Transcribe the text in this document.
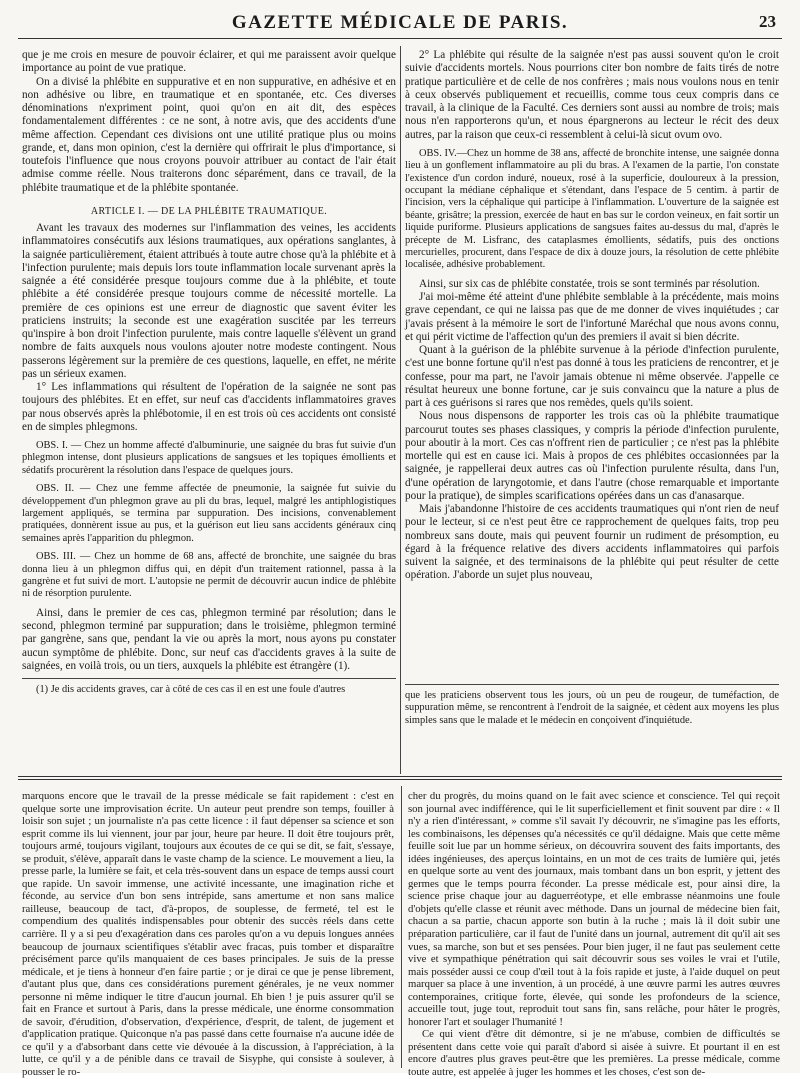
GAZETTE MÉDICALE DE PARIS.	23

que je me crois en mesure de pouvoir éclairer, et qui me paraissent avoir quelque importance au point de vue pratique.

On a divisé la phlébite en suppurative et en non suppurative, en adhésive et en non adhésive ou libre, en traumatique et en spontanée, etc. Ces diverses dénominations n'expriment point, quoi qu'on en ait dit, des espèces fondamentalement différentes : ce ne sont, à notre avis, que des accidents d'une même affection. Cependant ces divisions ont une utilité pratique plus ou moins grande, et, dans mon opinion, c'est la dernière qui offrirait le plus d'importance, si toutefois l'influence que nous croyons pouvoir attribuer au contact de l'air était admise comme réelle. Nous traiterons donc séparément, dans ce travail, de la phlébite traumatique et de la phlébite spontanée.

ARTICLE I. — DE LA PHLÉBITE TRAUMATIQUE.

Avant les travaux des modernes sur l'inflammation des veines, les accidents inflammatoires consécutifs aux lésions traumatiques, aux opérations sanglantes, à la saignée particulièrement, étaient attribués à toute autre chose qu'à la phlébite et à l'infection purulente; mais depuis lors toute inflammation locale survenant après la saignée a été considérée presque toujours comme due à la phlébite, et toute phlébite a été considérée presque toujours comme de nécessité mortelle. La première de ces opinions est une erreur de diagnostic que savent éviter les praticiens instruits; la seconde est une exagération suscitée par les terreurs qu'inspire à bon droit l'infection purulente, mais contre laquelle s'élèvent un grand nombre de faits auxquels nous voulons ajouter notre modeste contingent. Nous passerons légèrement sur la première de ces questions, laquelle, en effet, ne mérite pas un sérieux examen.

1° Les inflammations qui résultent de l'opération de la saignée ne sont pas toujours des phlébites. Et en effet, sur neuf cas d'accidents inflammatoires graves par nous observés après la phlébotomie, il en est trois où ces accidents ont consisté en de simples phlegmons.

OBS. I. — Chez un homme affecté d'albuminurie, une saignée du bras fut suivie d'un phlegmon intense, dont plusieurs applications de sangsues et les topiques émollients et sédatifs procurèrent la résolution dans l'espace de quelques jours.

OBS. II. — Chez une femme affectée de pneumonie, la saignée fut suivie du développement d'un phlegmon grave au pli du bras, lequel, malgré les antiphlogistiques largement appliqués, se termina par suppuration. Des incisions, convenablement pratiquées, donnèrent issue au pus, et la guérison eut lieu sans accidents généraux cinq semaines après l'apparition du phlegmon.

OBS. III. — Chez un homme de 68 ans, affecté de bronchite, une saignée du bras donna lieu à un phlegmon diffus qui, en dépit d'un traitement rationnel, passa à la gangrène et fut suivi de mort. L'autopsie ne permit de découvrir aucun indice de phlébite ni de résorption purulente.

Ainsi, dans le premier de ces cas, phlegmon terminé par résolution; dans le second, phlegmon terminé par suppuration; dans le troisième, phlegmon terminé par gangrène, sans que, pendant la vie ou après la mort, nous ayons pu constater aucun symptôme de phlébite. Donc, sur neuf cas d'accidents graves à la suite de saignées, en voilà trois, ou un tiers, auxquels la phlébite est étrangère (1).

(1) Je dis accidents graves, car à côté de ces cas il en est une foule d'autres

2° La phlébite qui résulte de la saignée n'est pas aussi souvent qu'on le croit suivie d'accidents mortels. Nous pourrions citer bon nombre de faits tirés de notre pratique particulière et de celle de nos confrères ; mais nous voulons nous en tenir à ceux observés publiquement et recueillis, comme tous ceux compris dans ce travail, à la clinique de la Faculté. Ces derniers sont aussi au nombre de trois; mais nous n'en rapporterons qu'un, et nous épargnerons au lecteur le récit des deux autres, par la raison que ceux-ci ressemblent à celui-là sicut ovum ovo.

OBS. IV.—Chez un homme de 38 ans, affecté de bronchite intense, une saignée donna lieu à un gonflement inflammatoire au pli du bras. A l'examen de la partie, l'on constate l'existence d'un cordon induré, noueux, rosé à la superficie, douloureux à la pression, occupant la médiane céphalique et s'étendant, dans l'espace de 5 centim. à partir de l'incision, vers la céphalique qui participe à l'inflammation. L'ouverture de la saignée est béante, grisâtre; la pression, exercée de haut en bas sur le cordon veineux, en fait sortir un liquide puriforme. Plusieurs applications de sangsues faites au-dessus du mal, d'après le précepte de M. Lisfranc, des cataplasmes émollients, sédatifs, puis des onctions mercurielles, procurent, dans l'espace de dix à douze jours, la résolution de cette phlébite localisée, adhésive probablement.

Ainsi, sur six cas de phlébite constatée, trois se sont terminés par résolution.

J'ai moi-même été atteint d'une phlébite semblable à la précédente, mais moins grave cependant, ce qui ne laissa pas que de me donner de vives inquiétudes ; car j'avais présent à la mémoire le sort de l'infortuné Maréchal que nous avons connu, et qui périt victime de l'affection qu'un des premiers il avait si bien décrite.

Quant à la guérison de la phlébite survenue à la période d'infection purulente, c'est une bonne fortune qu'il n'est pas donné à tous les praticiens de rencontrer, et je confesse, pour ma part, ne l'avoir jamais obtenue ni même observée. J'appelle ce résultat heureux une bonne fortune, car je suis convaincu que la nature a plus de part à ces guérisons si rares que nos remèdes, quels qu'ils soient.

Nous nous dispensons de rapporter les trois cas où la phlébite traumatique parcourut toutes ses phases classiques, y compris la période d'infection purulente, pour aboutir à la mort. Ces cas n'offrent rien de particulier ; ce n'est pas la phlébite mortelle qui est en cause ici. Mais à propos de ces phlébites occasionnées par la saignée, je rappellerai deux autres cas où l'infection purulente résulta, dans l'un, d'une opération de laryngotomie, et dans l'autre (chose remarquable et importante pour la pratique), de simples scarifications opérées dans un cas d'anasarque.

Mais j'abandonne l'histoire de ces accidents traumatiques qui n'ont rien de neuf pour le lecteur, si ce n'est peut être ce rapprochement de quelques faits, trop peu nombreux sans doute, mais qui peuvent fournir un rudiment de présomption, eu égard à la fréquence relative des divers accidents inflammatoires qui parfois suivent la saignée, et des terminaisons de la phlébite qui peut résulter de cette opération. J'aborde un sujet plus nouveau,

que les praticiens observent tous les jours, où un peu de rougeur, de tuméfaction, de suppuration même, se rencontrent à l'endroit de la saignée, et cèdent aux moyens les plus simples sans que le malade et le médecin en conçoivent d'inquiétude.

marquons encore que le travail de la presse médicale se fait rapidement : c'est en quelque sorte une improvisation écrite. Un auteur peut prendre son temps, fouiller à loisir son sujet ; un journaliste n'a pas cette licence : il faut dépenser sa science et son esprit comme ils lui viennent, jour par jour, heure par heure. Il doit être toujours prêt, toujours armé, toujours vigilant, toujours aux écoutes de ce qui se dit, se fait, s'essaye, se produit, s'élève, apparaît dans le vaste champ de la science. Le mouvement a lieu, la presse parle, la lumière se fait, et cela très-souvent dans un espace de temps aussi court que rapide. Un savoir immense, une activité incessante, une imagination riche et féconde, au service d'un bon sens intrépide, sans amertume et non sans malice railleuse, beaucoup de tact, d'à-propos, de souplesse, de fermeté, tel est le compendium des qualités indispensables pour obtenir des succès réels dans cette carrière. Il y a si peu d'exagération dans ces paroles qu'on a vu depuis longues années beaucoup de journaux scientifiques s'établir avec fracas, puis tomber et disparaître précisément parce qu'ils manquaient de ces bases principales. Je suis de la presse médicale, et je tiens à honneur d'en faire partie ; or je dirai ce que je pense librement, d'autant plus que, dans ces considérations purement générales, je ne veux nommer personne ni même indiquer le titre d'aucun journal. Eh bien ! je puis assurer qu'il se fait en France et surtout à Paris, dans la presse médicale, une énorme consommation de savoir, d'érudition, d'observation, d'expérience, d'esprit, de talent, de jugement et d'application pratique. Quiconque n'a pas passé dans cette fournaise n'a aucune idée de ce qu'il y a d'absorbant dans cette vie dévouée à la discussion, à l'appréciation, à la lutte, ce qu'il y a de pénible dans ce travail de Sisyphe, qui consiste à soulever, à pousser le ro-

cher du progrès, du moins quand on le fait avec science et conscience. Tel qui reçoit son journal avec indifférence, qui le lit superficiellement et finit souvent par dire : « Il n'y a rien d'intéressant, » comme s'il savait l'y découvrir, ne s'imagine pas les efforts, les combinaisons, les dépenses qu'a nécessités ce qu'il dédaigne. Mais que cette même feuille soit lue par un homme sérieux, on découvrira souvent des faits importants, des idées ingénieuses, des aperçus lointains, en un mot de ces traits de lumière qui, jetés en quelque sorte au vent des journaux, mais tombant dans un bon esprit, y jettent des germes que le temps pourra féconder. La presse médicale est, pour ainsi dire, la science prise chaque jour au daguerréotype, et elle embrasse néanmoins une foule d'objets qu'elle classe et réunit avec méthode. Dans un journal de médecine bien fait, chacun a sa partie, chacun apporte son butin à la ruche ; mais là il doit subir une préparation particulière, car il faut de l'unité dans un journal, autrement dit qu'il ait ses vues, sa marche, son but et ses pensées. Pour bien juger, il ne faut pas seulement cette vive et sympathique pénétration qui sait découvrir sous ses voiles le vrai et l'utile, mais posséder aussi ce coup d'œil tout à la fois rapide et juste, à l'aide duquel on peut marquer sa place à une invention, à un procédé, à une œuvre parmi les autres œuvres contemporaines, critique forte, élevée, qui sonde les profondeurs de la science, accueille tout, juge tout, reproduit tout sans fin, sans relâche, pour hâter le progrès, honorer l'art et soulager l'humanité !

Ce qui vient d'être dit démontre, si je ne m'abuse, combien de difficultés se présentent dans cette voie qui paraît d'abord si aisée à suivre. Et pourtant il en est encore d'autres plus graves peut-être que les premières. La presse médicale, comme toute autre, est appelée à juger les hommes et les choses, c'est son de-
